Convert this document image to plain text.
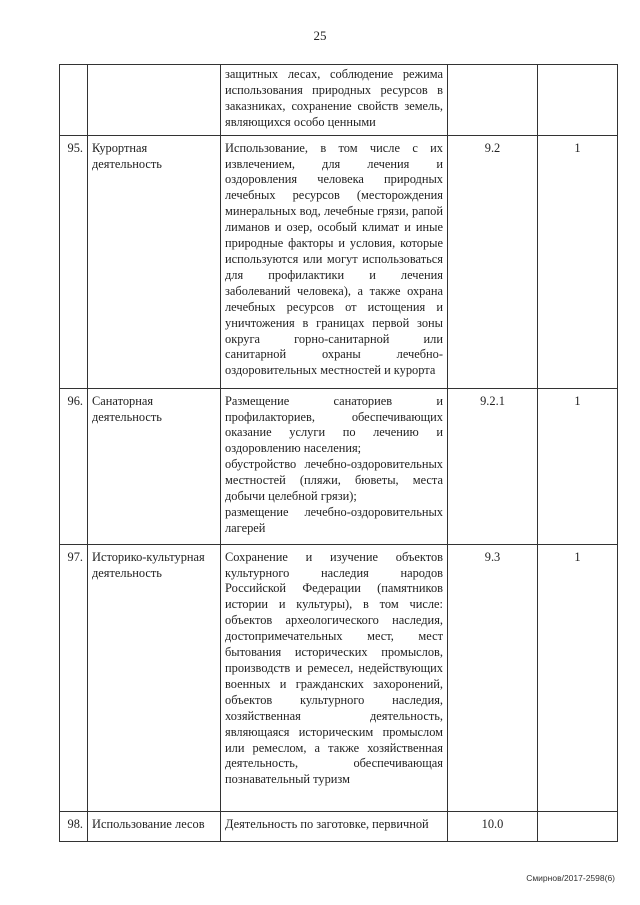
25

		защитных лесах, соблюдение режима использования природных ресурсов в заказниках, сохранение свойств земель, являющихся особо ценными		

95.	Курортная деятельность	Использование, в том числе с их извлечением, для лечения и оздоровления человека природных лечебных ресурсов (месторождения минеральных вод, лечебные грязи, рапой лиманов и озер, особый климат и иные природные факторы и условия, которые используются или могут использоваться для профилактики и лечения заболеваний человека), а также охрана лечебных ресурсов от истощения и уничтожения в границах первой зоны округа горно-санитарной или санитарной охраны лечебно-оздоровительных местностей и курорта	9.2	1
96.	Санаторная деятельность	Размещение санаториев и профилакториев, обеспечивающих оказание услуги по лечению и оздоровлению населения;
обустройство лечебно-оздоровительных местностей (пляжи, бюветы, места добычи целебной грязи);
размещение лечебно-оздоровительных лагерей	9.2.1	1
97.	Историко-культурная деятельность	Сохранение и изучение объектов культурного наследия народов Российской Федерации (памятников истории и культуры), в том числе: объектов археологического наследия, достопримечательных мест, мест бытования исторических промыслов, производств и ремесел, недействующих военных и гражданских захоронений, объектов культурного наследия, хозяйственная деятельность, являющаяся историческим промыслом или ремеслом, а также хозяйственная деятельность, обеспечивающая познавательный туризм	9.3	1
98.	Использование лесов	Деятельность по заготовке, первичной	10.0	
Смирнов/2017-2598(6)
